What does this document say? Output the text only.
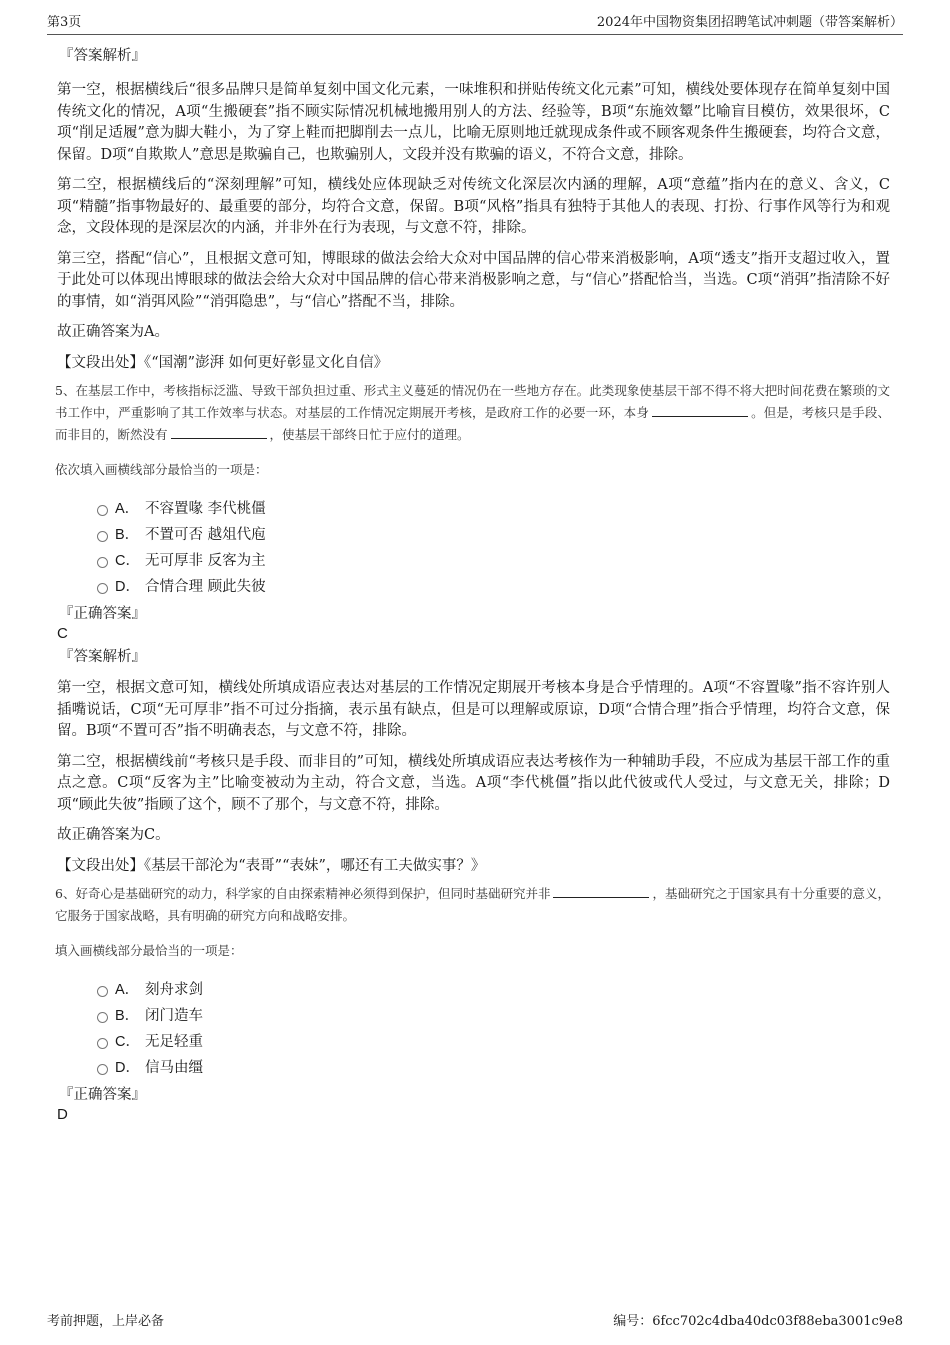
第3页	2024年中国物资集团招聘笔试冲刺题（带答案解析）
『答案解析』

第一空，根据横线后“很多品牌只是简单复刻中国文化元素，一味堆积和拼贴传统文化元素”可知，横线处要体现存在简单复刻中国传统文化的情况，A项“生搬硬套”指不顾实际情况机械地搬用别人的方法、经验等，B项“东施效颦”比喻盲目模仿，效果很坏，C项“削足适履”意为脚大鞋小，为了穿上鞋而把脚削去一点儿，比喻无原则地迁就现成条件或不顾客观条件生搬硬套，均符合文意，保留。D项“自欺欺人”意思是欺骗自己，也欺骗别人，文段并没有欺骗的语义，不符合文意，排除。

第二空，根据横线后的“深刻理解”可知，横线处应体现缺乏对传统文化深层次内涵的理解，A项“意蕴”指内在的意义、含义，C项“精髓”指事物最好的、最重要的部分，均符合文意，保留。B项“风格”指具有独特于其他人的表现、打扮、行事作风等行为和观念，文段体现的是深层次的内涵，并非外在行为表现，与文意不符，排除。

第三空，搭配“信心”，且根据文意可知，博眼球的做法会给大众对中国品牌的信心带来消极影响，A项“透支”指开支超过收入，置于此处可以体现出博眼球的做法会给大众对中国品牌的信心带来消极影响之意，与“信心”搭配恰当，当选。C项“消弭”指清除不好的事情，如“消弭风险”“消弭隐患”，与“信心”搭配不当，排除。

故正确答案为A。

【文段出处】《“国潮”澎湃 如何更好彰显文化自信》

5、在基层工作中，考核指标泛滥、导致干部负担过重、形式主义蔓延的情况仍在一些地方存在。此类现象使基层干部不得不将大把时间花费在繁琐的文书工作中，严重影响了其工作效率与状态。对基层的工作情况定期展开考核，是政府工作的必要一环，本身	。但是，考核只是手段、而非目的，断然没有	，使基层干部终日忙于应付的道理。

依次填入画横线部分最恰当的一项是：

A． 不容置喙 李代桃僵
B． 不置可否 越俎代庖
C． 无可厚非 反客为主
D． 合情合理 顾此失彼
『正确答案』
C
『答案解析』

第一空，根据文意可知，横线处所填成语应表达对基层的工作情况定期展开考核本身是合乎情理的。A项“不容置喙”指不容许别人插嘴说话，C项“无可厚非”指不可过分指摘，表示虽有缺点，但是可以理解或原谅，D项“合情合理”指合乎情理，均符合文意，保留。B项“不置可否”指不明确表态，与文意不符，排除。

第二空，根据横线前“考核只是手段、而非目的”可知，横线处所填成语应表达考核作为一种辅助手段，不应成为基层干部工作的重点之意。C项“反客为主”比喻变被动为主动，符合文意，当选。A项“李代桃僵”指以此代彼或代人受过，与文意无关，排除；D项“顾此失彼”指顾了这个，顾不了那个，与文意不符，排除。

故正确答案为C。

【文段出处】《基层干部沦为“表哥”“表妹”，哪还有工夫做实事？》

6、好奇心是基础研究的动力，科学家的自由探索精神必须得到保护，但同时基础研究并非	，基础研究之于国家具有十分重要的意义，它服务于国家战略，具有明确的研究方向和战略安排。

填入画横线部分最恰当的一项是：

A． 刻舟求剑
B． 闭门造车
C． 无足轻重
D． 信马由缰
『正确答案』
D
考前押题，上岸必备	编号：6fcc702c4dba40dc03f88eba3001c9e8
